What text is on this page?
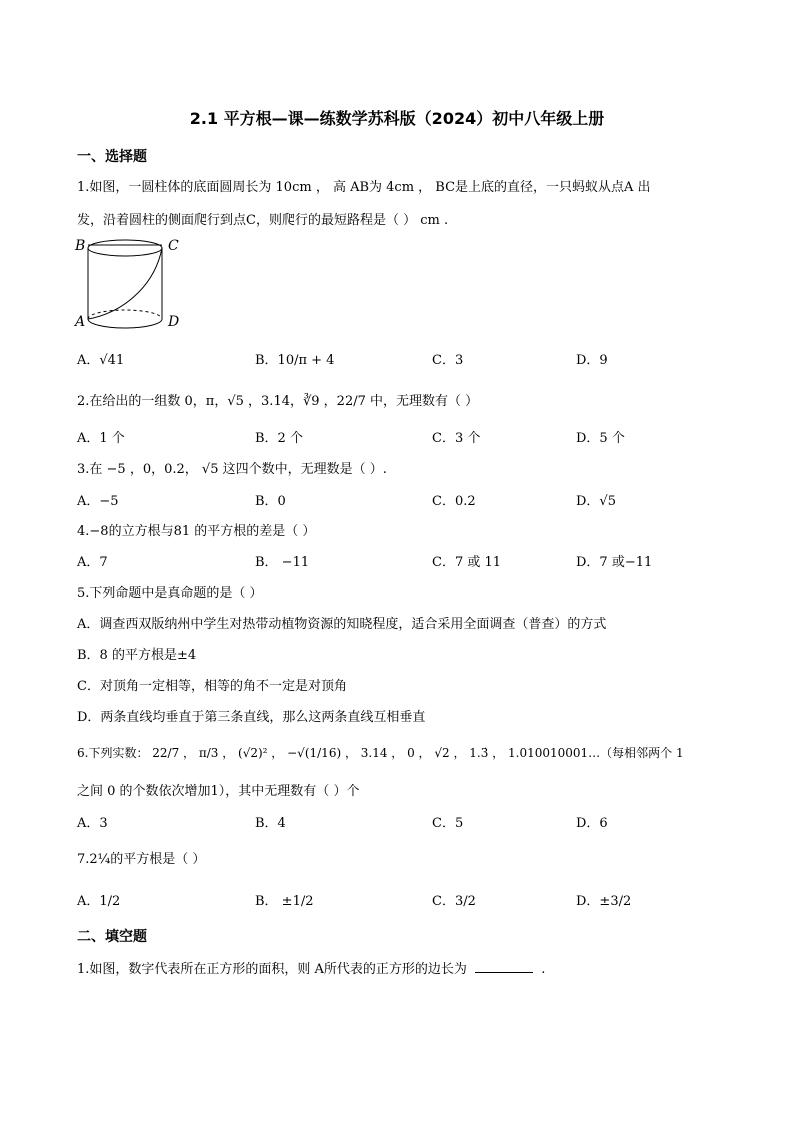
2.1 平方根—课—练数学苏科版（2024）初中八年级上册
一、选择题
1.如图，一圆柱体的底面圆周长为 10cm ， 高 AB为 4cm ， BC是上底的直径，一只蚂蚁从点A 出
发，沿着圆柱的侧面爬行到点C，则爬行的最短路程是（ ） cm .
B	C
A	D
A．√41	B．10/π + 4	C．3	D．9
2.在给出的一组数 0，π，√5 ，3.14，∛9 ，22/7 中，无理数有（ ）
A．1 个	B．2 个	C．3 个	D．5 个
3.在 −5 ，0，0.2， √5 这四个数中，无理数是（ ）.
A．−5	B．0	C．0.2	D．√5
4.−8的立方根与81 的平方根的差是（ ）
A．7	B． −11	C．7 或 11	D．7 或−11
5.下列命题中是真命题的是（ ）
A．调查西双版纳州中学生对热带动植物资源的知晓程度，适合采用全面调查（普查）的方式
B．8 的平方根是±4
C．对顶角一定相等，相等的角不一定是对顶角
D．两条直线均垂直于第三条直线，那么这两条直线互相垂直
6.下列实数： 22/7 ， π/3 ， (√2)² ， −√(1/16) ， 3.14 ， 0 ， √2 ， 1.3̇ ， 1.010010001…（每相邻两个 1
之间 0 的个数依次增加1），其中无理数有（ ）个
A．3	B．4	C．5	D．6
7.2¼的平方根是（ ）
A．1/2	B． ±1/2	C．3/2	D．±3/2
二、填空题
1.如图，数字代表所在正方形的面积，则 A所代表的正方形的边长为	.
